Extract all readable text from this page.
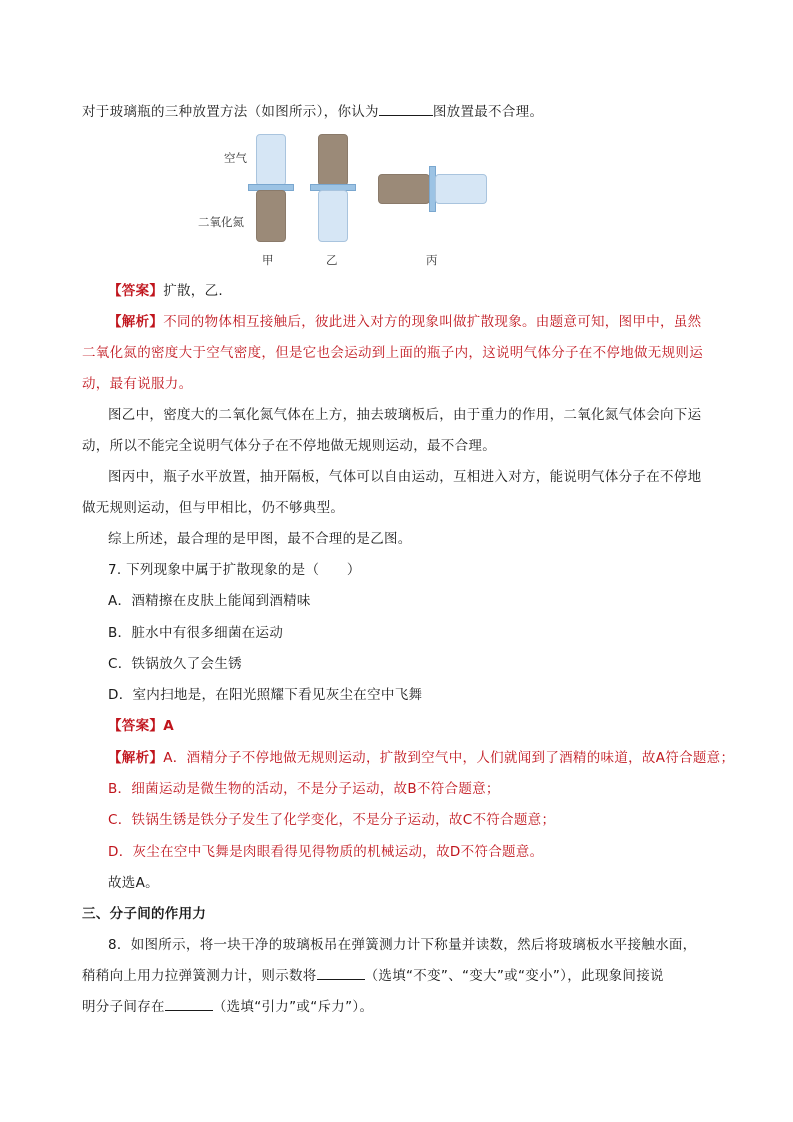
对于玻璃瓶的三种放置方法（如图所示），你认为	图放置最不合理。
空气
二氧化氮
甲	乙	丙
【答案】扩散，乙.
【解析】不同的物体相互接触后，彼此进入对方的现象叫做扩散现象。由题意可知，图甲中，虽然
二氧化氮的密度大于空气密度，但是它也会运动到上面的瓶子内，这说明气体分子在不停地做无规则运
动，最有说服力。
图乙中，密度大的二氧化氮气体在上方，抽去玻璃板后，由于重力的作用，二氧化氮气体会向下运
动，所以不能完全说明气体分子在不停地做无规则运动，最不合理。
图丙中，瓶子水平放置，抽开隔板，气体可以自由运动，互相进入对方，能说明气体分子在不停地
做无规则运动，但与甲相比，仍不够典型。
综上所述，最合理的是甲图，最不合理的是乙图。
7. 下列现象中属于扩散现象的是（　　）
A．酒精擦在皮肤上能闻到酒精味
B．脏水中有很多细菌在运动
C．铁锅放久了会生锈
D．室内扫地是，在阳光照耀下看见灰尘在空中飞舞
【答案】A
【解析】A．酒精分子不停地做无规则运动，扩散到空气中，人们就闻到了酒精的味道，故A符合题意；
B．细菌运动是微生物的活动，不是分子运动，故B不符合题意；
C．铁锅生锈是铁分子发生了化学变化，不是分子运动，故C不符合题意；
D．灰尘在空中飞舞是肉眼看得见得物质的机械运动，故D不符合题意。
故选A。
三、分子间的作用力
8．如图所示，将一块干净的玻璃板吊在弹簧测力计下称量并读数，然后将玻璃板水平接触水面，
稍稍向上用力拉弹簧测力计，则示数将	（选填“不变”、“变大”或“变小”），此现象间接说
明分子间存在	（选填“引力”或“斥力”）。
